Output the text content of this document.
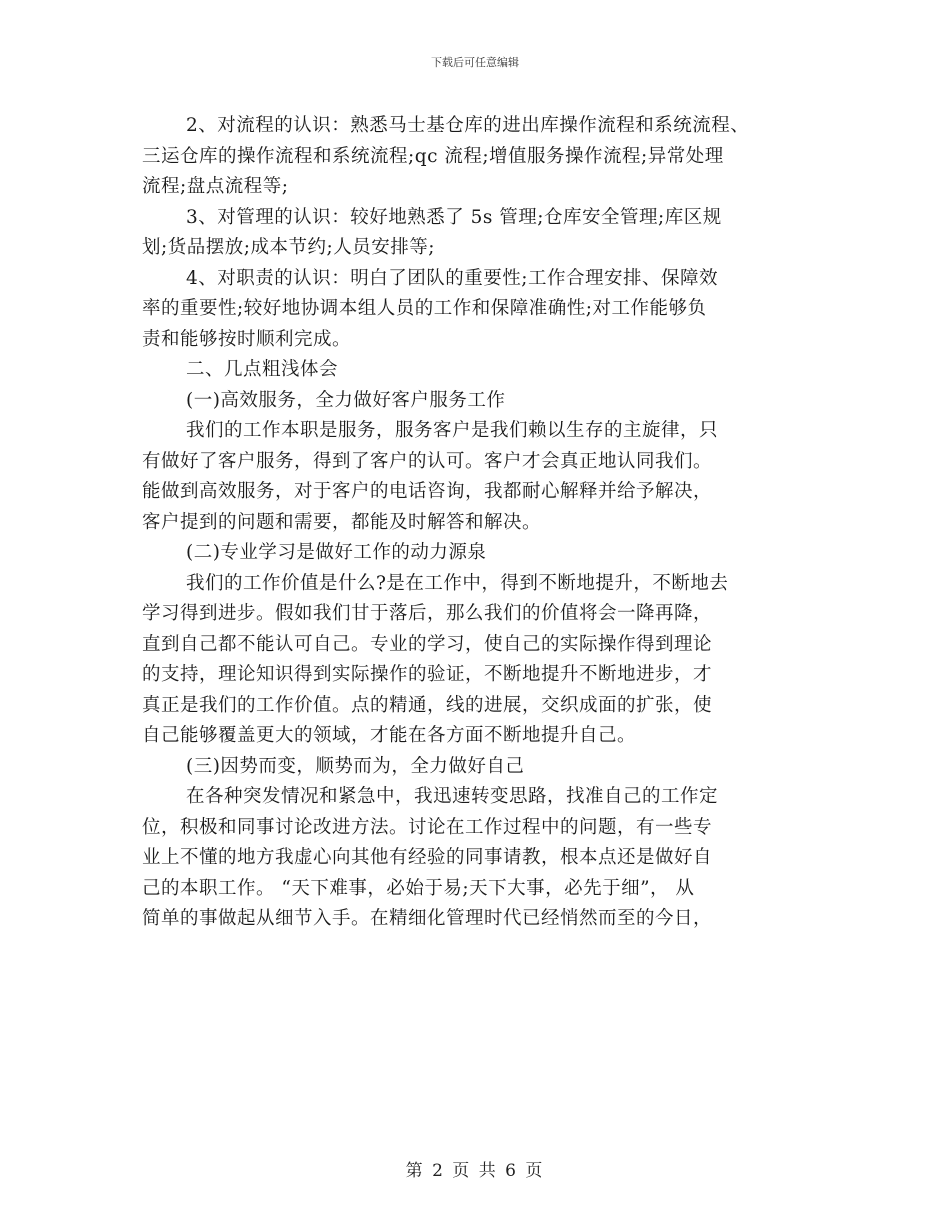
下载后可任意编辑
2、对流程的认识：熟悉马士基仓库的进出库操作流程和系统流程、
三运仓库的操作流程和系统流程;qc 流程;增值服务操作流程;异常处理
流程;盘点流程等;
3、对管理的认识：较好地熟悉了 5s 管理;仓库安全管理;库区规
划;货品摆放;成本节约;人员安排等;
4、对职责的认识：明白了团队的重要性;工作合理安排、保障效
率的重要性;较好地协调本组人员的工作和保障准确性;对工作能够负
责和能够按时顺利完成。
二、几点粗浅体会
(一)高效服务，全力做好客户服务工作
我们的工作本职是服务，服务客户是我们赖以生存的主旋律，只
有做好了客户服务，得到了客户的认可。客户才会真正地认同我们。
能做到高效服务，对于客户的电话咨询，我都耐心解释并给予解决，
客户提到的问题和需要，都能及时解答和解决。
(二)专业学习是做好工作的动力源泉
我们的工作价值是什么?是在工作中，得到不断地提升，不断地去
学习得到进步。假如我们甘于落后，那么我们的价值将会一降再降，
直到自己都不能认可自己。专业的学习，使自己的实际操作得到理论
的支持，理论知识得到实际操作的验证，不断地提升不断地进步，才
真正是我们的工作价值。点的精通，线的进展，交织成面的扩张，使
自己能够覆盖更大的领域，才能在各方面不断地提升自己。
(三)因势而变，顺势而为，全力做好自己
在各种突发情况和紧急中，我迅速转变思路，找准自己的工作定
位，积极和同事讨论改进方法。讨论在工作过程中的问题，有一些专
业上不懂的地方我虚心向其他有经验的同事请教，根本点还是做好自
己的本职工作。 “天下难事，必始于易;天下大事，必先于细”， 从
简单的事做起从细节入手。在精细化管理时代已经悄然而至的今日，
第 2 页 共 6 页
